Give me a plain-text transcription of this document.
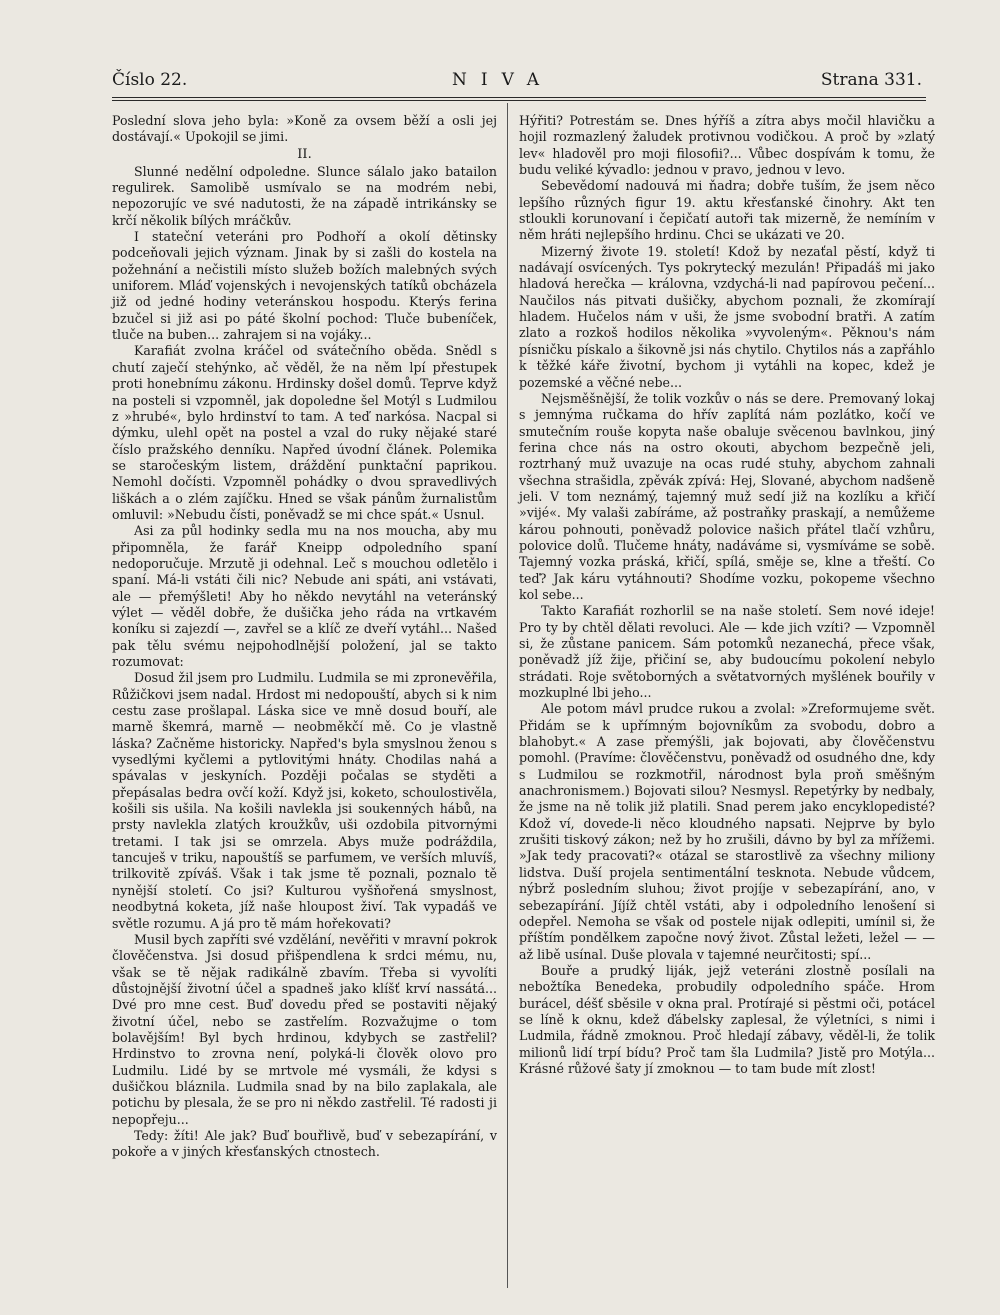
Číslo 22.	NIVA	Strana 331.

Poslední slova jeho byla: »Koně za ovsem běží a osli jej dostávají.« Upokojil se jimi.

II.

Slunné nedělní odpoledne. Slunce sálalo jako batailon regulirek. Samolibě usmívalo se na modrém nebi, nepozorujíc ve své nadutosti, že na západě intrikánsky se krčí několik bílých mráčkův.

I stateční veteráni pro Podhoří a okolí dětinsky podceňovali jejich význam. Jinak by si zašli do kostela na požehnání a nečistili místo služeb božích malebných svých uniforem. Mláď vojenských i nevojenských tatíků obcházela již od jedné hodiny veteránskou hospodu. Kterýs ferina bzučel si již asi po páté školní pochod: Tluče bubeníček, tluče na buben... zahrajem si na vojáky...

Karafiát zvolna kráčel od svátečního oběda. Snědl s chutí zaječí stehýnko, ač věděl, že na něm lpí přestupek proti honebnímu zákonu. Hrdinsky došel domů. Teprve když na posteli si vzpomněl, jak dopoledne šel Motýl s Ludmilou z »hrubé«, bylo hrdinství to tam. A teď narkósa. Nacpal si dýmku, ulehl opět na postel a vzal do ruky nějaké staré číslo pražského denníku. Napřed úvodní článek. Polemika se staročeským listem, dráždění punktační paprikou. Nemohl dočísti. Vzpomněl pohádky o dvou spravedlivých liškách a o zlém zajíčku. Hned se však pánům žurnalistům omluvil: »Nebudu čísti, poněvadž se mi chce spát.« Usnul.

Asi za půl hodinky sedla mu na nos moucha, aby mu připomněla, že farář Kneipp odpoledního spaní nedoporučuje. Mrzutě ji odehnal. Leč s mouchou odletělo i spaní. Má-li vstáti čili nic? Nebude ani spáti, ani vstávati, ale — přemýšleti! Aby ho někdo nevytáhl na veteránský výlet — věděl dobře, že dušička jeho ráda na vrtkavém koníku si zajezdí —, zavřel se a klíč ze dveří vytáhl... Našed pak tělu svému nejpohodlnější položení, jal se takto rozumovat:

Dosud žil jsem pro Ludmilu. Ludmila se mi zpronevěřila, Růžičkovi jsem nadal. Hrdost mi nedopouští, abych si k nim cestu zase prošlapal. Láska sice ve mně dosud bouří, ale marně škemrá, marně — neobměkčí mě. Co je vlastně láska? Začněme historicky. Napřed's byla smyslnou ženou s vysedlými kyčlemi a pytlovitými hnáty. Chodilas nahá a spávalas v jeskyních. Později počalas se styděti a přepásalas bedra ovčí koží. Když jsi, koketo, schoulostivěla, košili sis ušila. Na košili navlekla jsi soukenných hábů, na prsty navlekla zlatých kroužkův, uši ozdobila pitvornými tretami. I tak jsi se omrzela. Abys muže podráždila, tancuješ v triku, napouštíš se parfumem, ve verších mluvíš, trilkovitě zpíváš. Však i tak jsme tě poznali, poznalo tě nynější století. Co jsi? Kulturou vyšňořená smyslnost, neodbytná koketa, jíž naše hloupost živí. Tak vypadáš ve světle rozumu. A já pro tě mám hořekovati?

Musil bych zapříti své vzdělání, nevěřiti v mravní pokrok člověčenstva. Jsi dosud přišpendlena k srdci mému, nu, však se tě nějak radikálně zbavím. Třeba si vyvolíti důstojnější životní účel a spadneš jako klíšť krví nassátá... Dvé pro mne cest. Buď dovedu před se postaviti nějaký životní účel, nebo se zastřelím. Rozvažujme o tom bolavějším! Byl bych hrdinou, kdybych se zastřelil? Hrdinstvo to zrovna není, polyká-li člověk olovo pro Ludmilu. Lidé by se mrtvole mé vysmáli, že kdysi s dušičkou bláznila. Ludmila snad by na bilo zaplakala, ale potichu by plesala, že se pro ni někdo zastřelil. Té radosti ji nepopřeju...

Tedy: žíti! Ale jak? Buď bouřlivě, buď v sebezapírání, v pokoře a v jiných křesťanských ctnostech.

Hýřiti? Potrestám se. Dnes hýříš a zítra abys močil hlavičku a hojil rozmazlený žaludek protivnou vodičkou. A proč by »zlatý lev« hladověl pro moji filosofii?... Vůbec dospívám k tomu, že budu veliké kývadlo: jednou v pravo, jednou v levo.

Sebevědomí nadouvá mi ňadra; dobře tuším, že jsem něco lepšího různých figur 19. aktu křesťanské činohry. Akt ten stloukli korunovaní i čepičatí autoři tak mizerně, že nemíním v něm hráti nejlepšího hrdinu. Chci se ukázati ve 20.

Mizerný živote 19. století! Kdož by nezaťal pěstí, když ti nadávají osvícených. Tys pokrytecký mezulán! Připadáš mi jako hladová herečka — královna, vzdychá-li nad papírovou pečení... Naučilos nás pitvati dušičky, abychom poznali, že zkomírají hladem. Hučelos nám v uši, že jsme svobodní bratři. A zatím zlato a rozkoš hodilos několika »vyvoleným«. Pěknou's nám písničku pískalo a šikovně jsi nás chytilo. Chytilos nás a zapřáhlo k těžké káře životní, bychom ji vytáhli na kopec, kdež je pozemské a věčné nebe...

Nejsměšnější, že tolik vozkův o nás se dere. Premovaný lokaj s jemnýma ručkama do hřív zaplítá nám pozlátko, kočí ve smutečním rouše kopyta naše obaluje svěcenou bavlnkou, jiný ferina chce nás na ostro okouti, abychom bezpečně jeli, roztrhaný muž uvazuje na ocas rudé stuhy, abychom zahnali všechna strašidla, zpěvák zpívá: Hej, Slované, abychom nadšeně jeli. V tom neznámý, tajemný muž sedí již na kozlíku a křičí »vijé«. My valaši zabíráme, až postraňky praskají, a nemůžeme károu pohnouti, poněvadž polovice našich přátel tlačí vzhůru, polovice dolů. Tlučeme hnáty, nadáváme si, vysmíváme se sobě. Tajemný vozka práská, křičí, spílá, směje se, klne a třeští. Co teď? Jak káru vytáhnouti? Shodíme vozku, pokopeme všechno kol sebe...

Takto Karafiát rozhorlil se na naše století. Sem nové ideje! Pro ty by chtěl dělati revoluci. Ale — kde jich vzíti? — Vzpomněl si, že zůstane panicem. Sám potomků nezanechá, přece však, poněvadž jíž žije, přičiní se, aby budoucímu pokolení nebylo strádati. Roje světoborných a světatvorných myšlének bouřily v mozkuplné lbi jeho...

Ale potom mávl prudce rukou a zvolal: »Zreformujeme svět. Přidám se k upřímným bojovníkům za svobodu, dobro a blahobyt.« A zase přemýšli, jak bojovati, aby člověčenstvu pomohl. (Pravíme: člověčenstvu, poněvadž od osudného dne, kdy s Ludmilou se rozkmotřil, národnost byla proň směšným anachronismem.) Bojovati silou? Nesmysl. Repetýrky by nedbaly, že jsme na ně tolik již platili. Snad perem jako encyklopedisté? Kdož ví, dovede-li něco kloudného napsati. Nejprve by bylo zrušiti tiskový zákon; než by ho zrušili, dávno by byl za mřížemi. »Jak tedy pracovati?« otázal se starostlivě za všechny miliony lidstva. Duší projela sentimentální tesknota. Nebude vůdcem, nýbrž posledním sluhou; život projíje v sebezapírání, ano, v sebezapírání. Jíjíž chtěl vstáti, aby i odpoledního lenošení si odepřel. Nemoha se však od postele nijak odlepiti, umínil si, že příštím pondělkem započne nový život. Zůstal ležeti, ležel — — až libě usínal. Duše plovala v tajemné neurčitosti; spí...

Bouře a prudký liják, jejž veteráni zlostně posílali na nebožtíka Benedeka, probudily odpoledního spáče. Hrom burácel, déšť sběsile v okna pral. Protírajé si pěstmi oči, potácel se líně k oknu, kdež ďábelsky zaplesal, že výletníci, s nimi i Ludmila, řádně zmoknou. Proč hledají zábavy, věděl-li, že tolik milionů lidí trpí bídu? Proč tam šla Ludmila? Jistě pro Motýla... Krásné růžové šaty jí zmoknou — to tam bude mít zlost!
